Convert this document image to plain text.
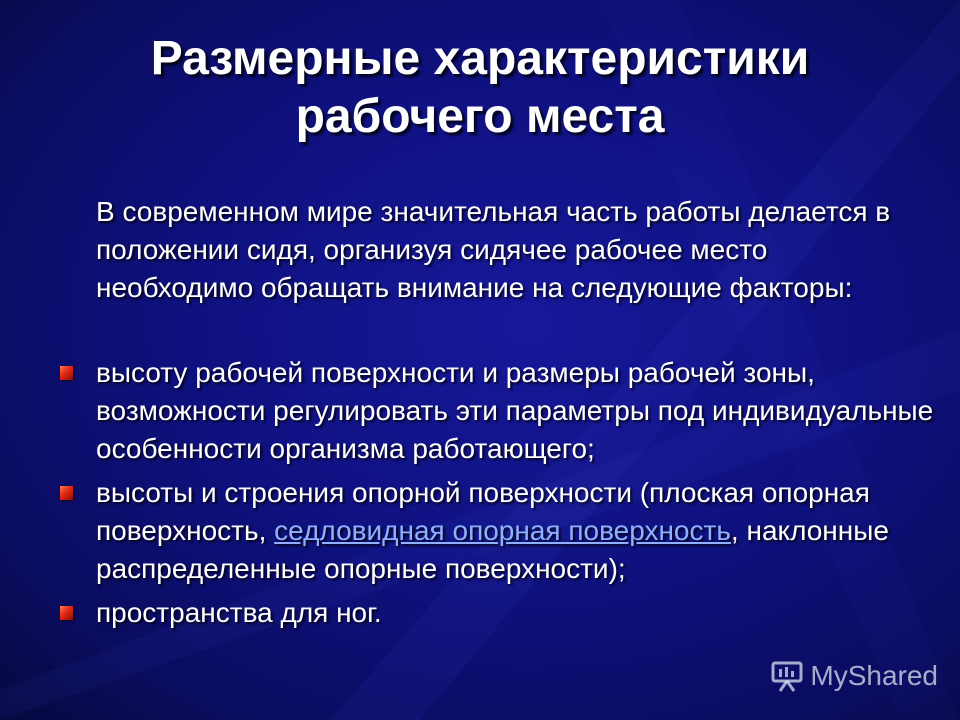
Размерные характеристики
рабочего места
В современном мире значительная часть работы делается в положении сидя, организуя сидячее рабочее место необходимо обращать внимание на следующие факторы:
высоту рабочей поверхности и размеры рабочей зоны, возможности регулировать эти параметры под индивидуальные особенности организма работающего;
высоты и строения опорной поверхности (плоская опорная поверхность, седловидная опорная поверхность, наклонные распределенные опорные поверхности);
пространства для ног.
MyShared
